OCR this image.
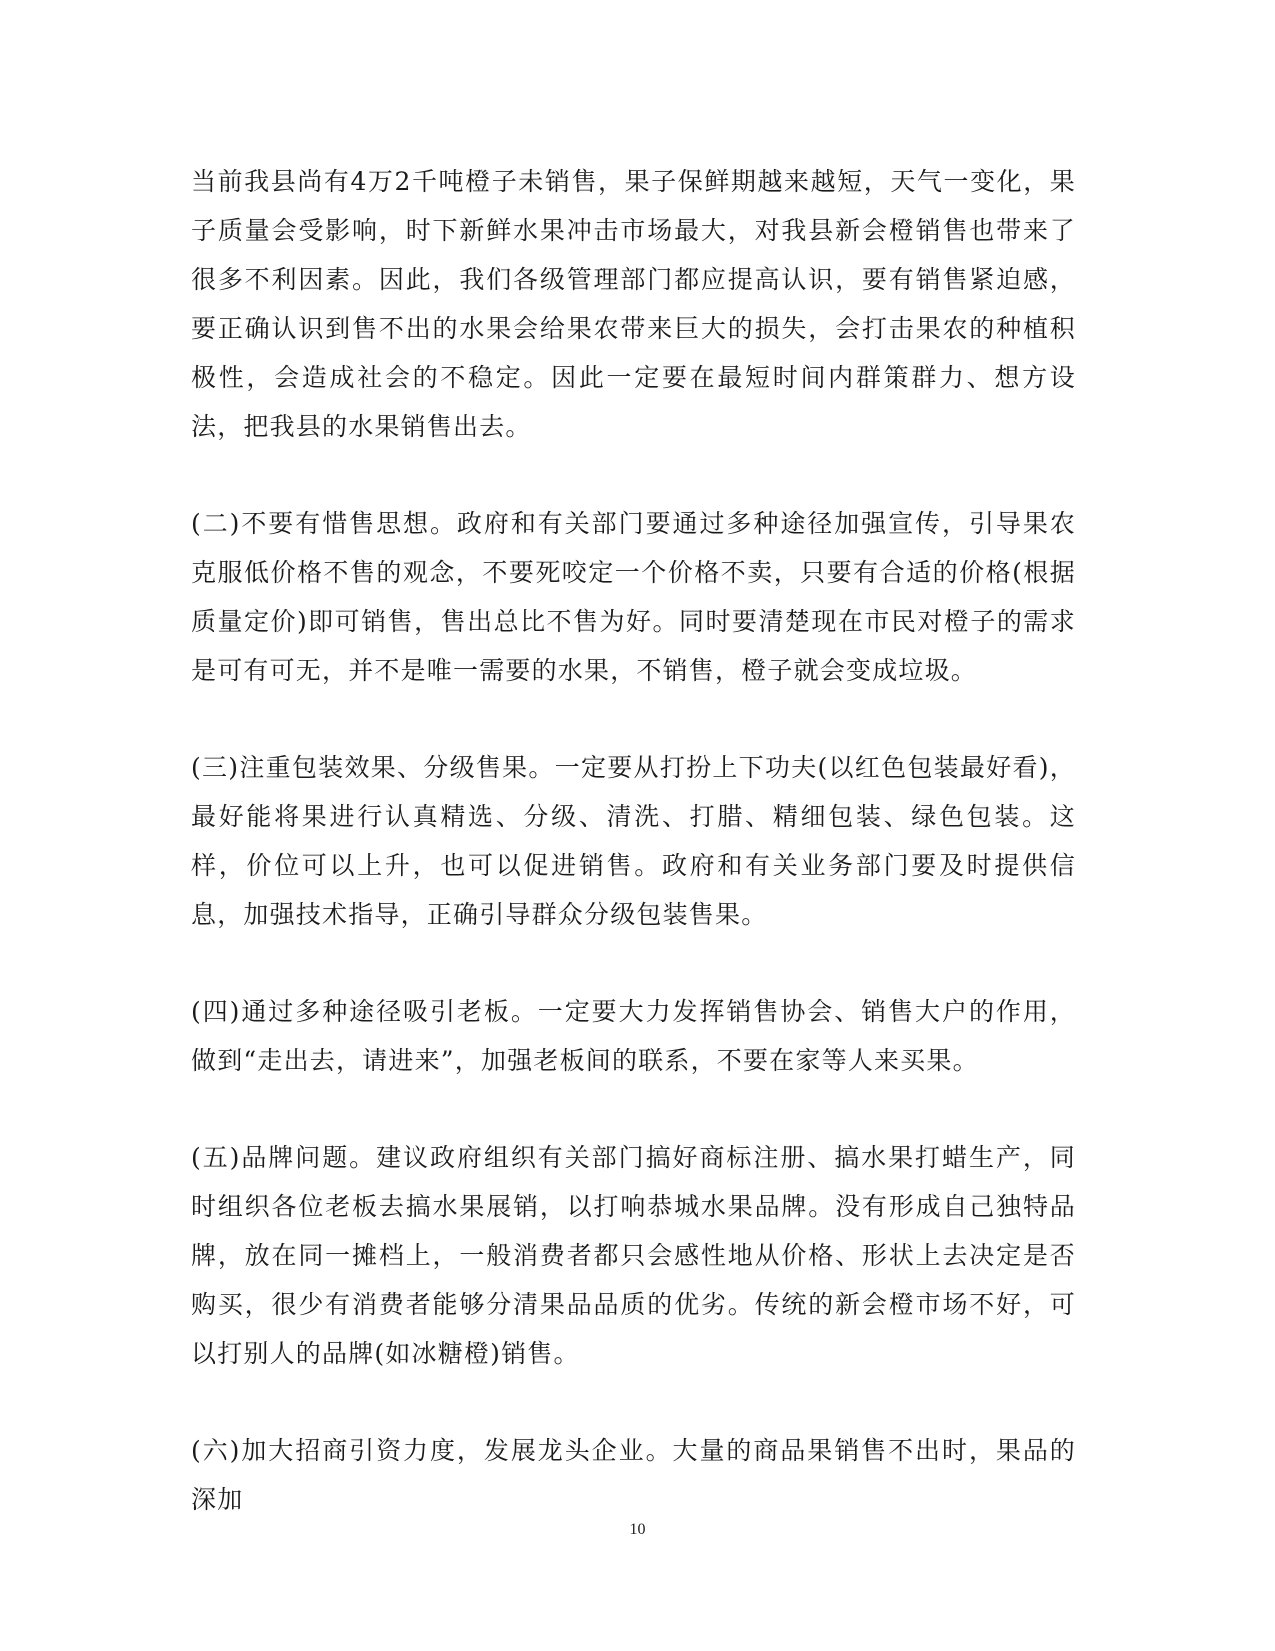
当前我县尚有4万2千吨橙子未销售，果子保鲜期越来越短，天气一变化，果子质量会受影响，时下新鲜水果冲击市场最大，对我县新会橙销售也带来了很多不利因素。因此，我们各级管理部门都应提高认识，要有销售紧迫感，要正确认识到售不出的水果会给果农带来巨大的损失，会打击果农的种植积极性，会造成社会的不稳定。因此一定要在最短时间内群策群力、想方设法，把我县的水果销售出去。

(二)不要有惜售思想。政府和有关部门要通过多种途径加强宣传，引导果农克服低价格不售的观念，不要死咬定一个价格不卖，只要有合适的价格(根据质量定价)即可销售，售出总比不售为好。同时要清楚现在市民对橙子的需求是可有可无，并不是唯一需要的水果，不销售，橙子就会变成垃圾。

(三)注重包装效果、分级售果。一定要从打扮上下功夫(以红色包装最好看)，最好能将果进行认真精选、分级、清洗、打腊、精细包装、绿色包装。这样，价位可以上升，也可以促进销售。政府和有关业务部门要及时提供信息，加强技术指导，正确引导群众分级包装售果。

(四)通过多种途径吸引老板。一定要大力发挥销售协会、销售大户的作用，做到“走出去，请进来”，加强老板间的联系，不要在家等人来买果。

(五)品牌问题。建议政府组织有关部门搞好商标注册、搞水果打蜡生产，同时组织各位老板去搞水果展销，以打响恭城水果品牌。没有形成自己独特品牌，放在同一摊档上，一般消费者都只会感性地从价格、形状上去决定是否购买，很少有消费者能够分清果品品质的优劣。传统的新会橙市场不好，可以打别人的品牌(如冰糖橙)销售。

(六)加大招商引资力度，发展龙头企业。大量的商品果销售不出时，果品的深加

10
